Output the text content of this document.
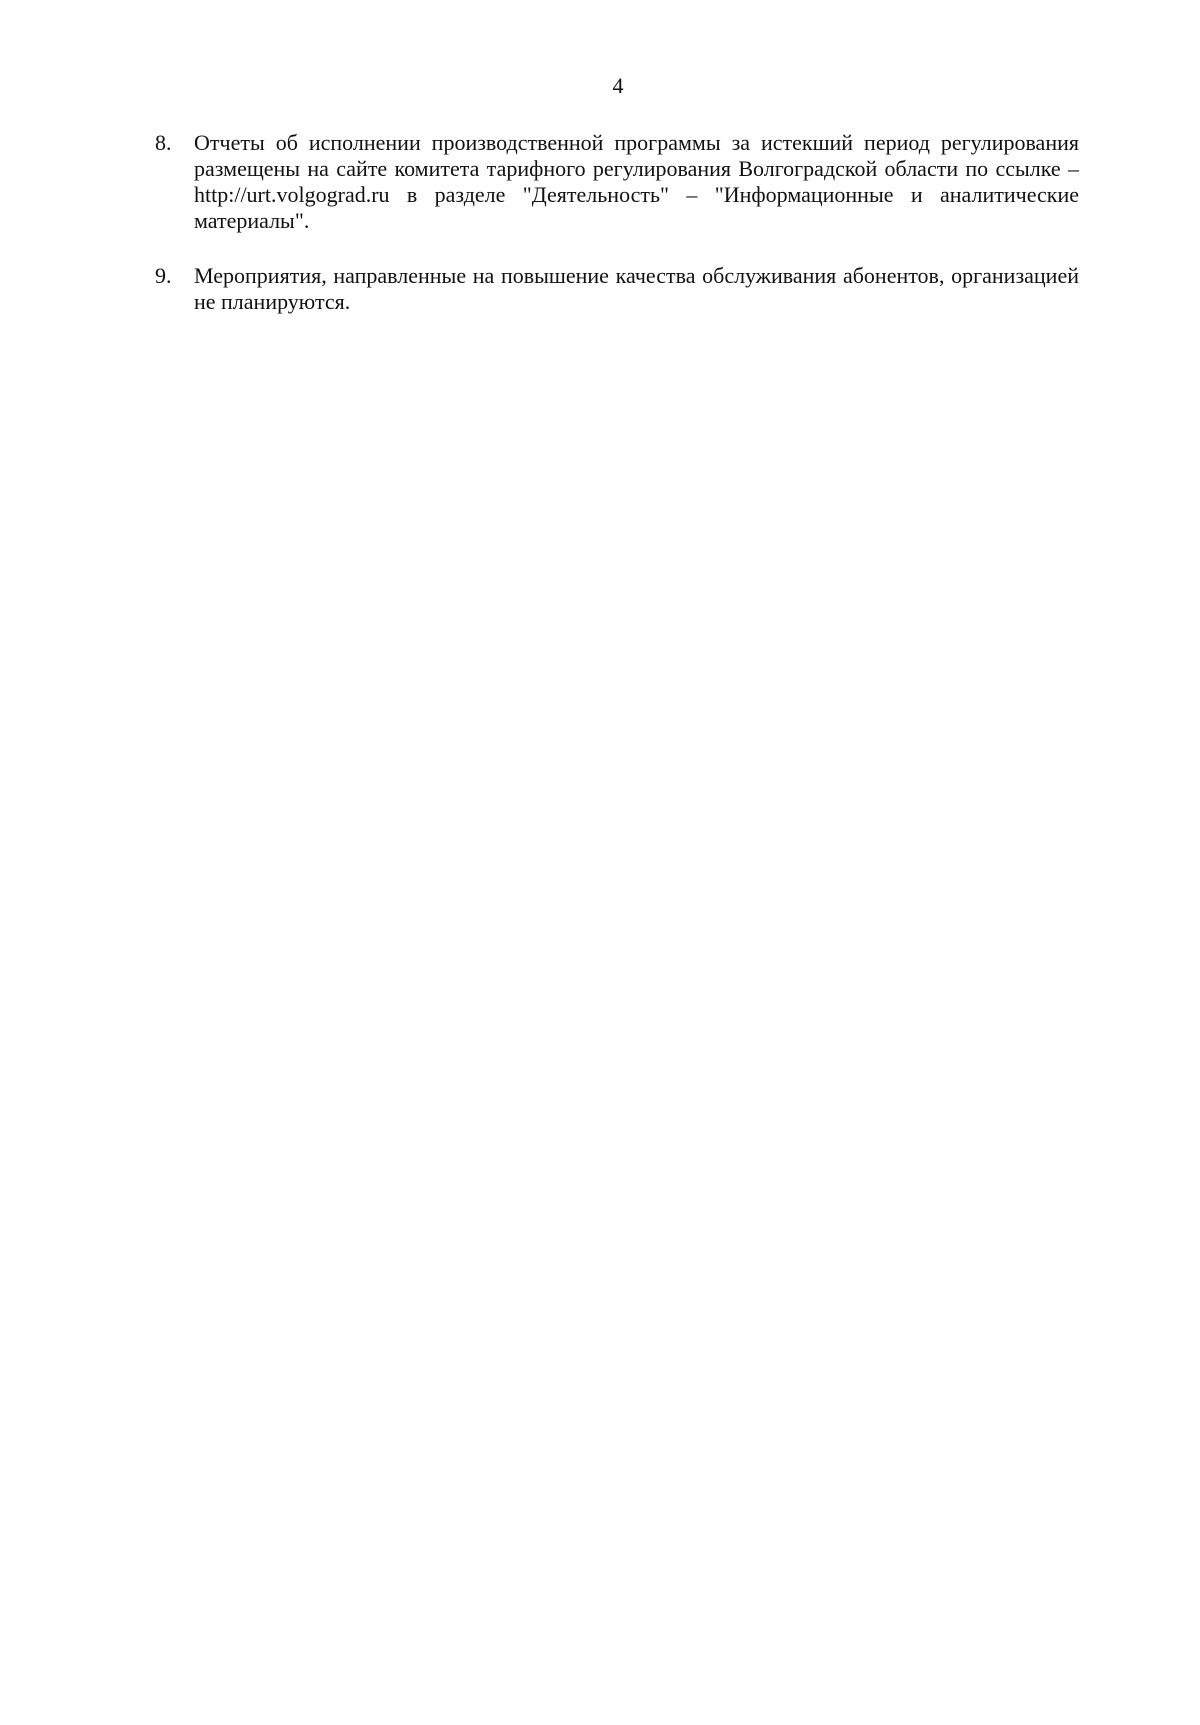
4
8.	Отчеты об исполнении производственной программы за истекший период регулирования размещены на сайте комитета тарифного регулирования Волгоградской области по ссылке – http://urt.volgograd.ru в разделе "Деятельность" – "Информационные и аналитические материалы".
9.	Мероприятия, направленные на повышение качества обслуживания абонентов, организацией не планируются.
